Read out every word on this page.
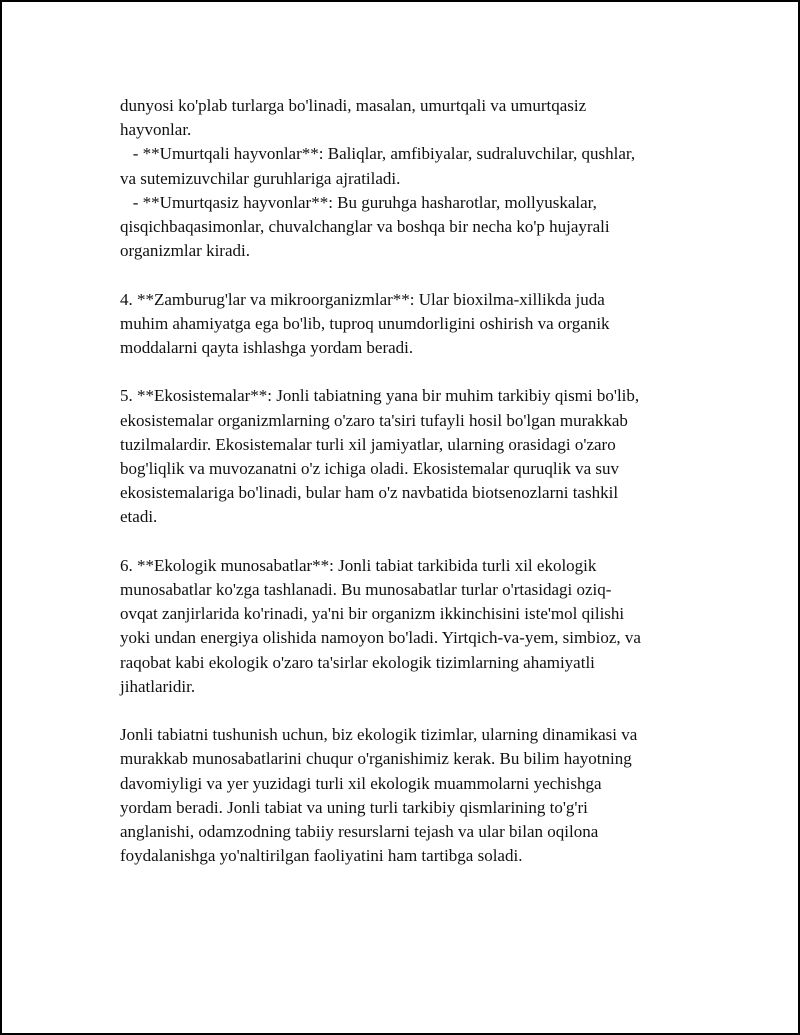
dunyosi ko'plab turlarga bo'linadi, masalan, umurtqali va umurtqasiz
hayvonlar.
- **Umurtqali hayvonlar**: Baliqlar, amfibiyalar, sudraluvchilar, qushlar,
va sutemizuvchilar guruhlariga ajratiladi.
- **Umurtqasiz hayvonlar**: Bu guruhga hasharotlar, mollyuskalar,
qisqichbaqasimonlar, chuvalchanglar va boshqa bir necha ko'p hujayrali
organizmlar kiradi.
4. **Zamburug'lar va mikroorganizmlar**: Ular bioxilma-xillikda juda
muhim ahamiyatga ega bo'lib, tuproq unumdorligini oshirish va organik
moddalarni qayta ishlashga yordam beradi.
5. **Ekosistemalar**: Jonli tabiatning yana bir muhim tarkibiy qismi bo'lib,
ekosistemalar organizmlarning o'zaro ta'siri tufayli hosil bo'lgan murakkab
tuzilmalardir. Ekosistemalar turli xil jamiyatlar, ularning orasidagi o'zaro
bog'liqlik va muvozanatni o'z ichiga oladi. Ekosistemalar quruqlik va suv
ekosistemalariga bo'linadi, bular ham o'z navbatida biotsenozlarni tashkil
etadi.
6. **Ekologik munosabatlar**: Jonli tabiat tarkibida turli xil ekologik
munosabatlar ko'zga tashlanadi. Bu munosabatlar turlar o'rtasidagi oziq-
ovqat zanjirlarida ko'rinadi, ya'ni bir organizm ikkinchisini iste'mol qilishi
yoki undan energiya olishida namoyon bo'ladi. Yirtqich-va-yem, simbioz, va
raqobat kabi ekologik o'zaro ta'sirlar ekologik tizimlarning ahamiyatli
jihatlaridir.
Jonli tabiatni tushunish uchun, biz ekologik tizimlar, ularning dinamikasi va
murakkab munosabatlarini chuqur o'rganishimiz kerak. Bu bilim hayotning
davomiyligi va yer yuzidagi turli xil ekologik muammolarni yechishga
yordam beradi. Jonli tabiat va uning turli tarkibiy qismlarining to'g'ri
anglanishi, odamzodning tabiiy resurslarni tejash va ular bilan oqilona
foydalanishga yo'naltirilgan faoliyatini ham tartibga soladi.
